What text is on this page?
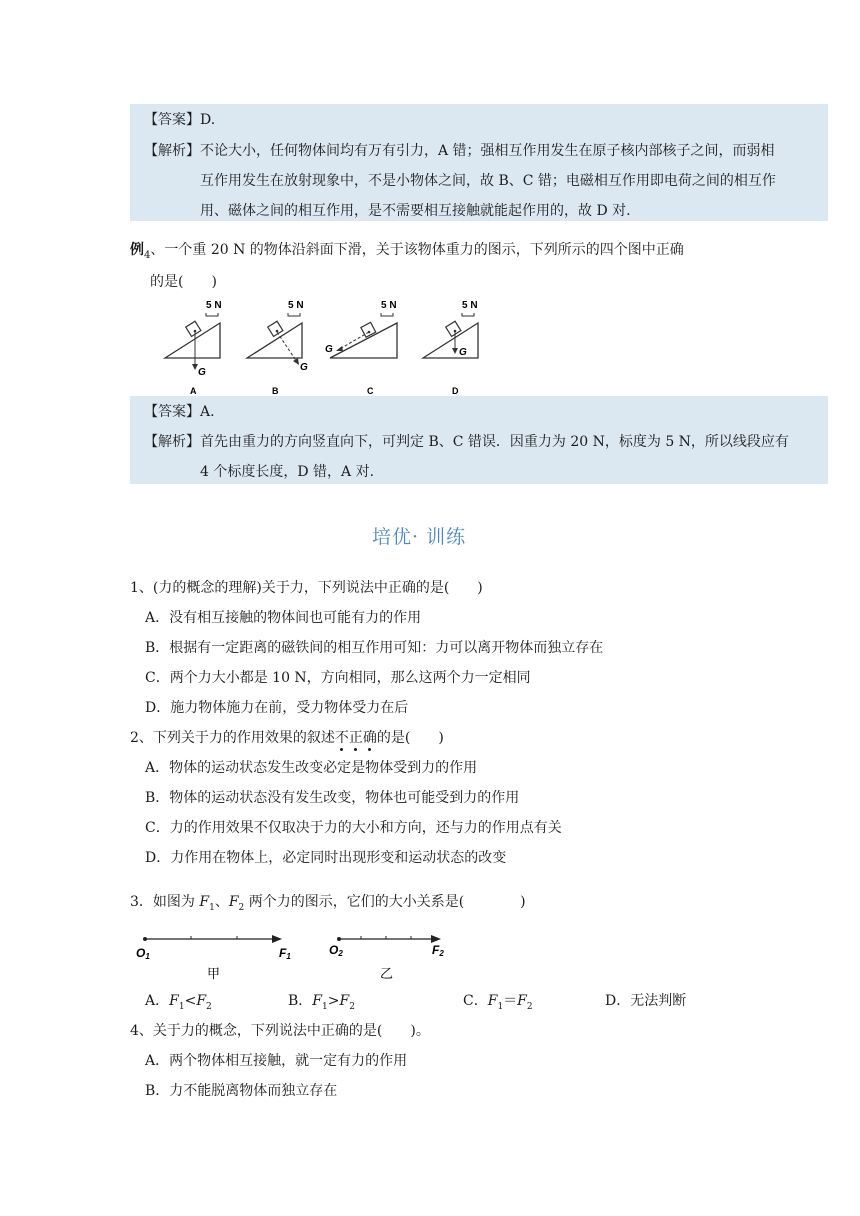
【答案】D.
【解析】 不论大小，任何物体间均有万有引力，A 错；强相互作用发生在原子核内部核子之间，而弱相
互作用发生在放射现象中，不是小物体之间，故 B、C 错；电磁相互作用即电荷之间的相互作
用、磁体之间的相互作用，是不需要相互接触就能起作用的，故 D 对.
例$_4$、一个重 20 N 的物体沿斜面下滑，关于该物体重力的图示，下列所示的四个图中正确
的是(　　)
5 N
G
A
5 N
G
B
5 N
G
C
5 N
G
D
【答案】A.
【解析】 首先由重力的方向竖直向下，可判定 B、C 错误．因重力为 20 N，标度为 5 N，所以线段应有
4 个标度长度，D 错，A 对.
培优· 训练
1、(力的概念的理解)关于力，下列说法中正确的是(　　)
A．没有相互接触的物体间也可能有力的作用
B．根据有一定距离的磁铁间的相互作用可知：力可以离开物体而独立存在
C．两个力大小都是 10 N，方向相同，那么这两个力一定相同
D．施力物体施力在前，受力物体受力在后
2、下列关于力的作用效果的叙述不正确的是(　　)
A．物体的运动状态发生改变必定是物体受到力的作用
B．物体的运动状态没有发生改变，物体也可能受到力的作用
C．力的作用效果不仅取决于力的大小和方向，还与力的作用点有关
D．力作用在物体上，必定同时出现形变和运动状态的改变
3．如图为 $F_1$、$F_2$ 两个力的图示，它们的大小关系是(　　　　)
O1	F1
甲
O2	F2
乙
A．$F_1<F_2$	B．$F_1>F_2$	C．$F_1=F_2$	D．无法判断
4、关于力的概念，下列说法中正确的是(　　)。
A．两个物体相互接触，就一定有力的作用
B．力不能脱离物体而独立存在
